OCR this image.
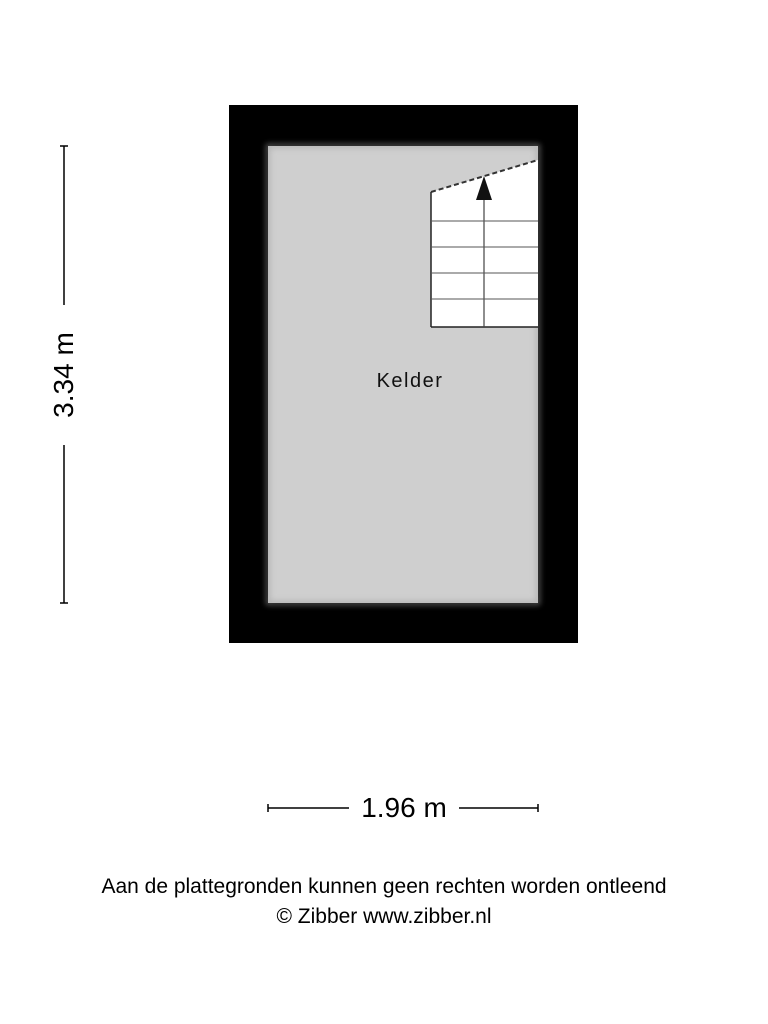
Kelder
3.34 m
1.96 m
Aan de plattegronden kunnen geen rechten worden ontleend
© Zibber www.zibber.nl
